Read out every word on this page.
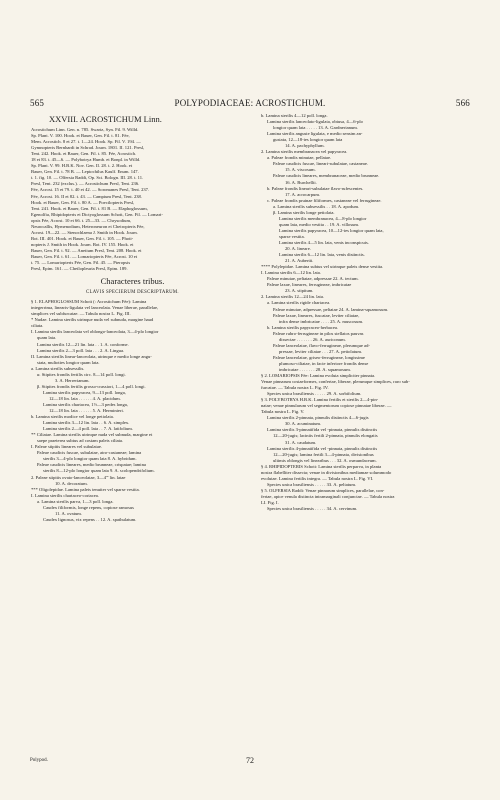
565	POLYPODIACEAE: ACROSTICHUM.	566

XXVIII. ACROSTICHUM Linn.

Acrostichum Linn. Gen. n. 785. Swartz, Syn. Fil. 9. Willd.

Sp. Plant. V. 100. Hook. et Bauer, Gen. Fil. t. 81. Fée,

Mem. Acrostich. 8 et 27. t. 1—24. Hook. Sp. Fil. V. 194. —

Gymnopteris Bernhardi in Schrad. Journ. 1801. II. 121. Presl,

Tent. 242. Hook. et Bauer, Gen. Fil. t. 85. Fée, Acrostich.

18 et 83. t. 45—6. — Polybotrya Humb. et Bonpl. in Willd.

Sp. Plant. V. 99. H.B.K. Nov. Gen. II. 28. t. 2. Hook. et

Bauer, Gen. Fil. t. 78 B. — Leptochilus Kaulf. Enum. 147.

t. 1. fig. 10. — Olfersia Raddi, Op. Sci. Bologn. III. 28. t. 11.

Presl, Tent. 232 (exclus.). — Acrostichum Presl, Tent. 236.

Fée, Acrost. 15 et 79. t. 40 et 42. — Soromanes Presl, Tent. 237.

Fée, Acrost. 16. II et 82. t. 43. — Campium Presl, Tent. 238.

Hook. et Bauer, Gen. Fil. t. 80 A. — Poecilopteris Presl,

Tent. 241. Hook. et Bauer, Gen. Fil. t. 81 B. — Elaphoglossum,

Egenolfia, Rhipidopteris et Dictyoglossum Schott, Gen. Fil. — Lomari-

opsis Fée, Acrost. 10 et 66. t. 25—33. — Chrysodium,

Neurocallis, Hymenodium, Heteroneuron et Cheiropteris Fée,

Acrost. 19—22. — Stenochlaena J. Smith in Hook. Journ.

Bot. III. 401. Hook. et Bauer, Gen. Fil. t. 105. — Photi-

nopteris J. Smith in Hook. Journ. Bot. IV. 155. Hook. et

Bauer, Gen. Fil. t. 92. — Anetium Presl, Tent. 208. Hook. et

Bauer, Gen. Fil. t. 61. — Lomariopteris Fée, Acrost. 10 et

t. 75. — Lomariopteris Fée, Gen. Fil. 45. — Pteropsis

Presl, Epim. 161. — Cheilopleuria Presl, Epim. 189.

Characteres tribus.

CLAVIS SPECIERUM DESCRIPTARUM.

§ 1. ELAPHOGLOSSUM Schott (: Acrostichum Fée): Lamina

integerrima, linearis-ligulata vel lanceolata. Venae liberae, parallelae,

simplices vel subfurcatae. — Tabula nostra L. Fig. III.

* Nudae. Lamina sterilis utrinque nuda vel subnuda, margine haud

ciliata.

I. Lamina sterilis lanceolata vel oblongo-lanceolata, 3—4-plo longior

quam lata.

Lamina sterilis 12—21 lin. lata . . 1. A. conforme.

Lamina sterilis 2—3 poll. lata . . . 2. A. Lingua.

II. Lamina sterilis linear-lanceolata, utrinque e medio longe angu-

stata, multoties longior quam lata.

a. Lamina sterilis subsessilis.

α. Stipites frondis fertilis circ. 8—14 poll. longi.

3. A. Herrerianum.

β. Stipites frondis fertilis grosso-crassiori, 1—4 poll. longi.

Lamina sterilis papyracea, 9—13 poll. longa,

12—18 lin. lata . . . . . . 4. A. placidum.

Lamina sterilis chartacea, 1½—3 pedes longa,

12—18 lin. lata . . . . . . 5. A. Herminieri.

b. Lamina sterilis modice vel longe petiolata.

Lamina sterilis 3—12 lin. lata . . 6. A. simplex.

Lamina sterilis 2—4 poll. lata . . 7. A. latifolium.

** Ciliatae. Lamina sterilis utrinque nuda vel subnuda, margine et

saepe praeterea subtus ad costam paleis ciliata.

I. Paleae stipitis lineares vel subulatae.

Paleae caudicis fuscae, subulatae, atro-castaneae; lamina

sterilis 3—4-plo longior quam lata 8. A. hybridum.

Paleae caudicis lineares, medio brunneae, crispatae; lamina

sterilis 8—12-plo longior quam lata 9. A. scolopendrifolium.

2. Paleae stipitis ovato-lanceolatae, 3—4''' lin. latae

10. A. decoratum.

*** Oligolepidae. Lamina paleis tenuiter vel sparse vestita.

I. Lamina sterilis chartaceo-coriacea.

a. Lamina sterilis parva, 1—3 poll. longa.

Caudex filiformis, longe repens, copiose ramosus

11. A. ovatum.

Caudex lignosus, vix repens . . 12. A. spathulatum.

b. Lamina sterilis 4—12 poll. longa.

Lamina sterilis lanceolato-ligulata, obtusa, 4—6-plo

longior quam lata . . . . . 13. A. Gardnerianum.

Lamina sterilis anguste ligulata, e medio sensim an-

gustata, 12—18-ies longior quam lata

14. A. pachyphyllum.

2. Lamina sterilis membranacea vel papyracea.

a. Paleae frondis minutae, pellatae.

Paleae caudicis fuscae, lineari-subulatae, castaneae.

15. A. viscosum.

Paleae caudicis lineares, membranaceae, medio brunneae.

16. A. Burchellii.

b. Paleae frondis lineari-subulatae flavo-rufescentes.

17. A. acrocarpum.

c. Paleae frondis pruinae filiformes, castaneae vel ferrugineae.

a. Lamina sterilis subsessilis . . 18. A. apodum.

β. Lamina sterilis longe petiolata.

Lamina sterilis membranacea, 4—8-plo longior

quam lata, medio vestita . . 19. A. villosum.

Lamina sterilis papyracea, 10—12-ies longior quam lata,

sparse vestita.

Lamina sterilis 4—5 lin. lata, venis inconspicuis.

20. A. lineare.

Lamina sterilis 6—12 lin. lata, venis distinctis.

21. A. Aubertii.

**** Polylepidae. Lamina subtus vel utrinque paleis dense vestita.

I. Lamina sterilis 6—12 lin. lata.

Paleae minutae, peltatae, adpressae 22. A. tectum.

Paleae laxae, lineares, ferrugineae, imbricatae

23. A. stipitum.

2. Lamina sterilis 12—24 lin. lata.

a. Lamina sterilis rigide chartacea.

Paleae minutae, adpressae, peltatae 24. A. lamina-squamosum.

Paleae laxae, lineares, fuscatae, leviter ciliatae,

infra dense imbricatae . . . . 25. A. muscosum.

b. Lamina sterilis papyraceo-herbacea.

Paleae rubro-ferrugineae in pilos stellatos pauvas

dissectae . . . . . . . 26. A. auriconum.

Paleae lanceolatae, flavo-ferrugineae, plerumque ad-

pressae, leviter ciliatae . . . 27. A. petiolatum.

Paleae lanceolatae, griseo-ferrugineae, longissime

plumoso-ciliatae, in facie inferiore frondis dense

imbricatae . . . . . . . 28. A. squamosum.

§ 2. LOMARIOPSIS Fée: Lamina evoluta simpliciter pinnata.

Venae pinnarum costaeformes, confertae, liberae, plerumque simplices, raro sub-

furcatae. — Tabula nostra L. Fig. IV.

Species unica brasiliensis . . . . . 29. A. sorbifolium.

§ 3. POLYBOTRYA H.B.K. Lamina fertilis et sterilis 2—4-pin-

natae; venae pinnularum vel segmentorum copiose pinnatae liberae. —

Tabula nostra L. Fig. V.

Lamina sterilis 2-pinnata, pinnulis distinctis 4—6-jugis

30. A. acuminatum.

Lamina sterilis 3-pinnatifida vel -pinnata, pinnulis distinctis

12—20-jugis; laciniis fertili 2-pinnata, pinnulis elongatis

31. A. caudatum.

Lamina sterilis 4-pinnatifida vel -pinnata, pinnulis distinctis

12—20-jugis; lamina fertili 3—4-pinnata, divisionibus

ultimis oblongis vel linearibus . . . 32. A. osmundaceum.

§ 4. RHIPIDOPTERIS Schott: Lamina sterilis perparva, in planta

nostra flabelliter dissecta; venae in divisionibus mediamae solummodo

evolutae. Lamina fertilis integra. — Tabula nostra L. Fig. VI.

Species unica brasiliensis . . . . . 33. A. peltatum.

§ 5. OLFERSIA Raddi: Venae pinnarum simplices, parallelae, con-

fertae, apice venula distincta intramarginali conjunctae. — Tabula nostra

LI. Fig. I.

Species unica brasiliensis . . . . . 34. A. cervinum.

Polypod.	72
